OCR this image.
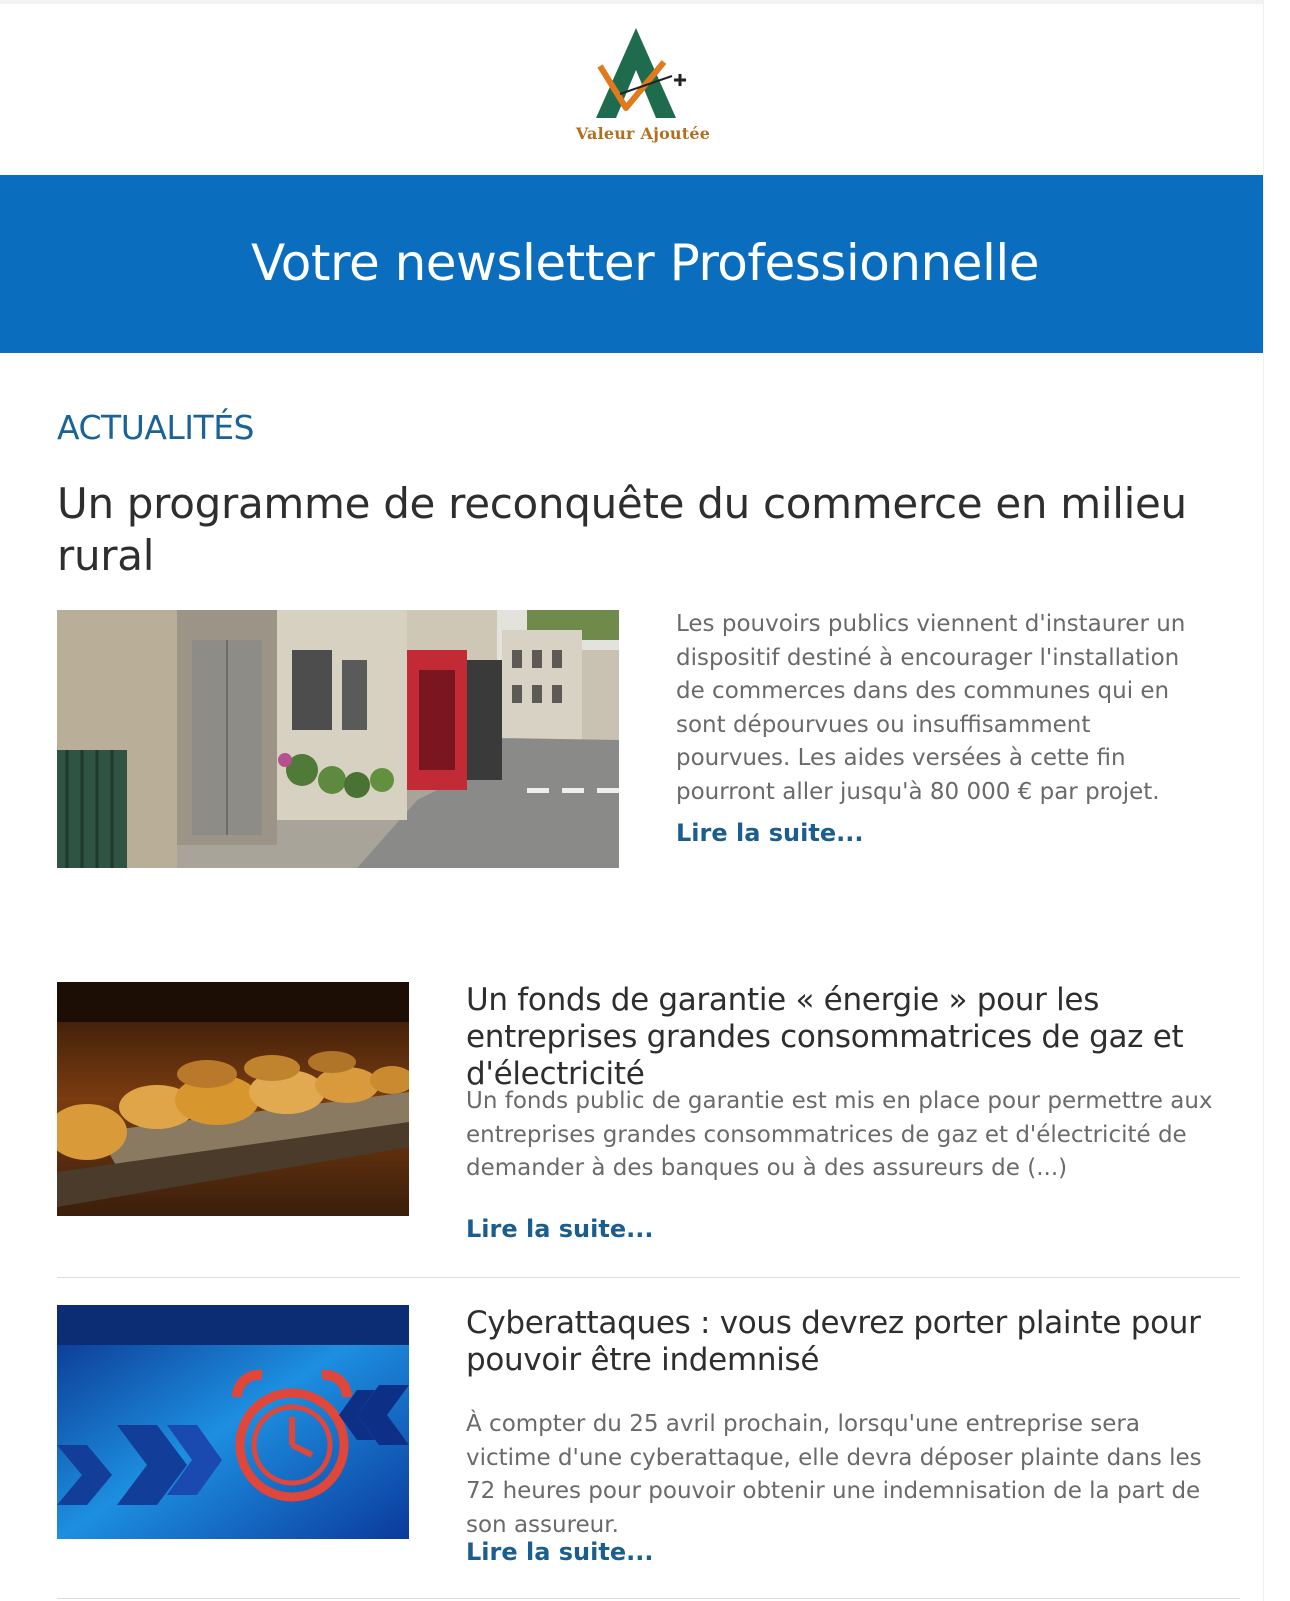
Valeur Ajoutée
Votre newsletter Professionnelle
ACTUALITÉS
Un programme de reconquête du commerce en milieu rural
Les pouvoirs publics viennent d'instaurer un dispositif destiné à encourager l'installation de commerces dans des communes qui en sont dépourvues ou insuffisamment pourvues. Les aides versées à cette fin pourront aller jusqu'à 80 000 € par projet.
Lire la suite...
Un fonds de garantie « énergie » pour les entreprises grandes consommatrices de gaz et d'électricité
Un fonds public de garantie est mis en place pour permettre aux entreprises grandes consommatrices de gaz et d'électricité de demander à des banques ou à des assureurs de (...)
Lire la suite...
Cyberattaques : vous devrez porter plainte pour pouvoir être indemnisé
À compter du 25 avril prochain, lorsqu'une entreprise sera victime d'une cyberattaque, elle devra déposer plainte dans les 72 heures pour pouvoir obtenir une indemnisation de la part de son assureur.
Lire la suite...
